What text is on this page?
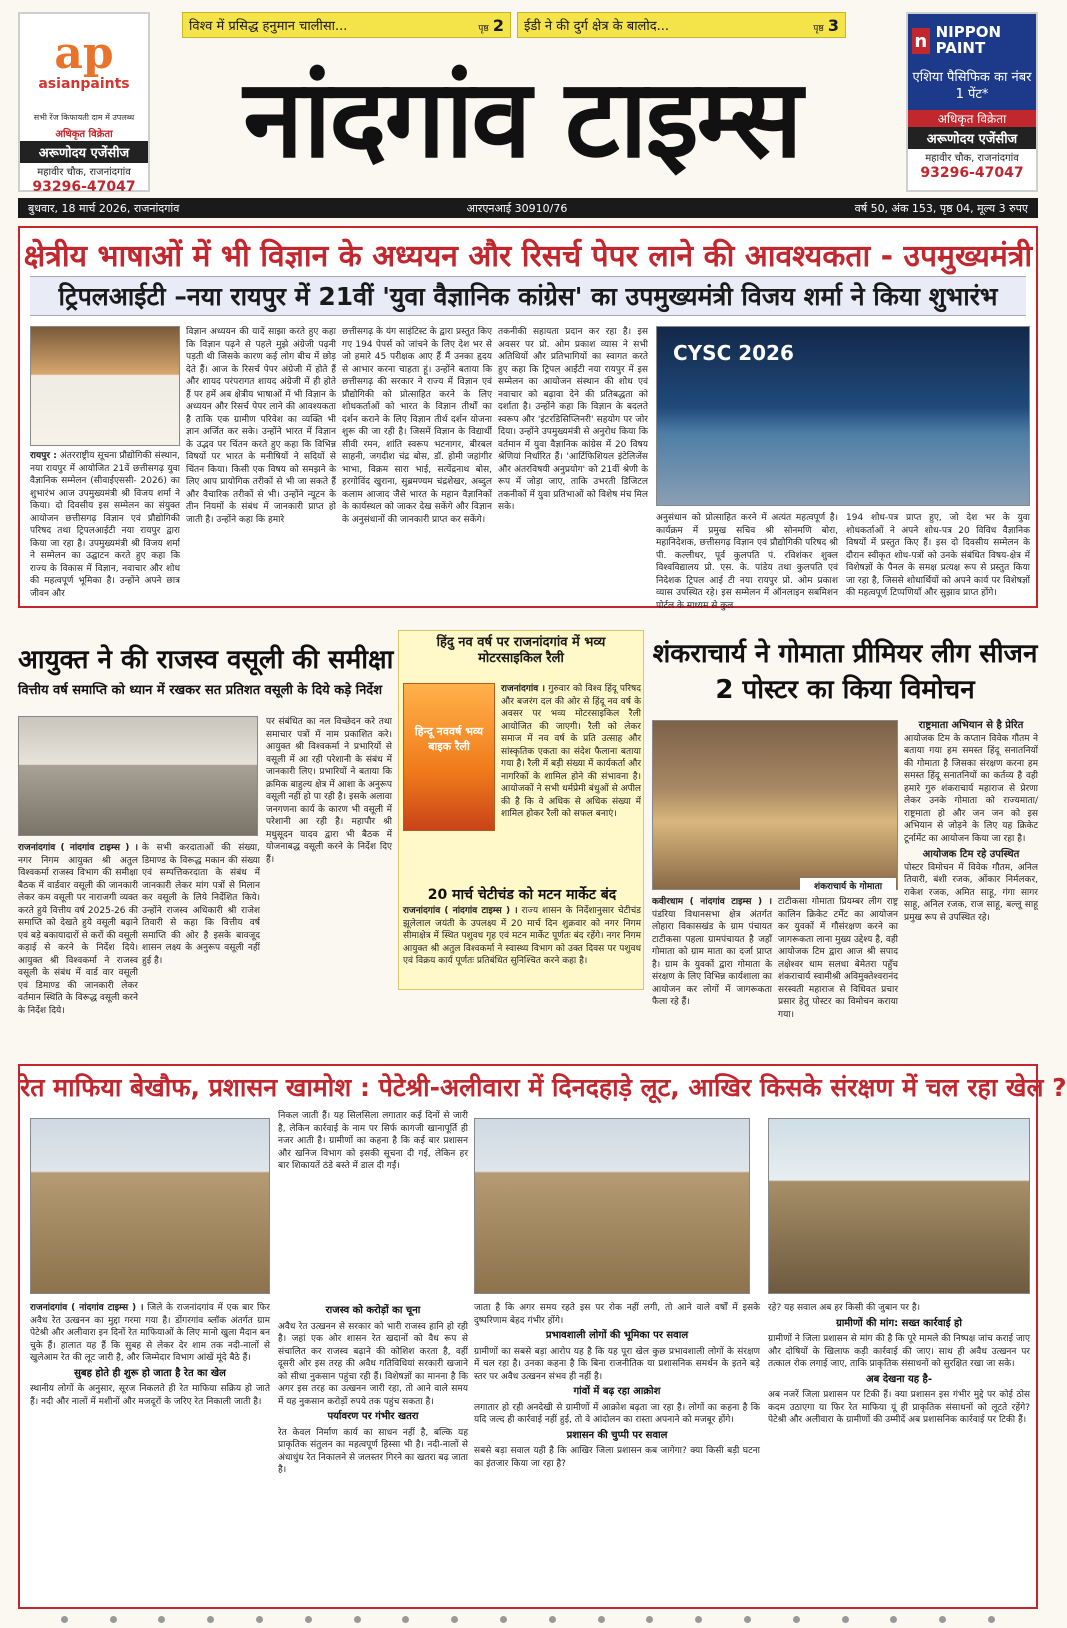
ap
asianpaints
सभी रेंज किफायती दाम में उपलब्ध
अधिकृत विक्रेता
अरूणोदय एजेंसीज
महावीर चौक, राजनांदगांव
93296-47047
विश्व में प्रसिद्ध हनुमान चालीसा...	पृष्ठ 2 ईडी ने की दुर्ग क्षेत्र के बालोद...	पृष्ठ 3
नांदगांव टाइम्स
n NIPPON PAINT
एशिया पैसिफिक का नंबर 1 पेंट*
अधिकृत विक्रेता
अरूणोदय एजेंसीज
महावीर चौक, राजनांदगांव
93296-47047
बुधवार, 18 मार्च 2026, राजनांदगांव	आरएनआई 30910/76	वर्ष 50, अंक 153, पृष्ठ 04, मूल्य 3 रुपए
क्षेत्रीय भाषाओं में भी विज्ञान के अध्ययन और रिसर्च पेपर लाने की आवश्यकता - उपमुख्यमंत्री
ट्रिपलआईटी –नया रायपुर में 21वीं 'युवा वैज्ञानिक कांग्रेस' का उपमुख्यमंत्री विजय शर्मा ने किया शुभारंभ
रायपुर : अंतरराष्ट्रीय सूचना प्रौद्योगिकी संस्थान, नया रायपुर में आयोजित 21वें छत्तीसगढ़ युवा वैज्ञानिक सम्मेलन (सीवाईएससी- 2026) का शुभारंभ आज उपमुख्यमंत्री श्री विजय शर्मा ने किया। दो दिवसीय इस सम्मेलन का संयुक्त आयोजन छत्तीसगढ़ विज्ञान एवं प्रौद्योगिकी परिषद तथा ट्रिपलआईटी नया रायपुर द्वारा किया जा रहा है। उपमुख्यमंत्री श्री विजय शर्मा ने सम्मेलन का उद्घाटन करते हुए कहा कि राज्य के विकास में विज्ञान, नवाचार और शोध की महत्वपूर्ण भूमिका है। उन्होंने अपने छात्र जीवन और
विज्ञान अध्ययन की यादें साझा करते हुए कहा कि विज्ञान पढ़ने से पहले मुझे अंग्रेजी पढ़नी पड़ती थी जिसके कारण कई लोग बीच में छोड़ देते हैं। आज के रिसर्च पेपर अंग्रेजी में होते हैं और शायद परंपरागत शायद अंग्रेजी में ही होते हैं पर हमें अब क्षेत्रीय भाषाओं में भी विज्ञान के अध्ययन और रिसर्च पेपर लाने की आवश्यकता है ताकि एक ग्रामीण परिवेश का व्यक्ति भी ज्ञान अर्जित कर सके। उन्होंने भारत में विज्ञान के उद्भव पर चिंतन करते हुए कहा कि विभिन्न विषयों पर भारत के मनीषियों ने सदियों से चिंतन किया। किसी एक विषय को समझने के लिए आप प्रायोगिक तरीकों से भी जा सकते हैं और वैचारिक तरीकों से भी। उन्होंने न्यूटन के तीन नियमों के संबंध में जानकारी प्राप्त हो जाती है। उन्होंने कहा कि हमारे
छत्तीसगढ़ के यंग साइंटिस्ट के द्वारा प्रस्तुत किए गए 194 पेपर्स को जांचने के लिए देश भर से जो हमारे 45 परीक्षक आए हैं मैं उनका हृदय से आभार करना चाहता हूं। उन्होंने बताया कि छत्तीसगढ़ की सरकार ने राज्य में विज्ञान एवं प्रौद्योगिकी को प्रोत्साहित करने के लिए शोधकर्ताओं को भारत के विज्ञान तीर्थों का दर्शन कराने के लिए विज्ञान तीर्थ दर्शन योजना शुरू की जा रही है। जिसमें विज्ञान के विद्यार्थी सीवी रमन, शांति स्वरूप भटनागर, बीरबल साहनी, जगदीश चंद्र बोस, डॉ. होमी जहांगीर भाभा, विक्रम सारा भाई, सत्येंद्रनाथ बोस, हरगोविंद खुराना, सुब्रमण्यम चंद्रशेखर, अब्दुल कलाम आजाद जैसे भारत के महान वैज्ञानिकों के कार्यस्थल को जाकर देख सकेंगे और विज्ञान के अनुसंधानों की जानकारी प्राप्त कर सकेंगे।
तकनीकी सहायता प्रदान कर रहा है। इस अवसर पर प्रो. ओम प्रकाश व्यास ने सभी अतिथियों और प्रतिभागियों का स्वागत करते हुए कहा कि ट्रिपल आईटी नया रायपुर में इस सम्मेलन का आयोजन संस्थान की शोध एवं नवाचार को बढ़ावा देने की प्रतिबद्धता को दर्शाता है। उन्होंने कहा कि विज्ञान के बदलते स्वरूप और 'इंटरडिसिप्लिनरी' सहयोग पर जोर दिया। उन्होंने उपमुख्यमंत्री से अनुरोध किया कि वर्तमान में युवा वैज्ञानिक कांग्रेस में 20 विषय श्रेणियां निर्धारित हैं। 'आर्टिफिशियल इंटेलिजेंस और अंतरविषयी अनुप्रयोग' को 21वीं श्रेणी के रूप में जोड़ा जाए, ताकि उभरती डिजिटल तकनीकों में युवा प्रतिभाओं को विशेष मंच मिल सके।
CYSC 2026
अनुसंधान को प्रोत्साहित करने में अत्यंत महत्वपूर्ण है। कार्यक्रम में प्रमुख सचिव श्री सोनमणि बोरा, महानिदेशक, छत्तीसगढ़ विज्ञान एवं प्रौद्योगिकी परिषद श्री पी. कल्लीधर, पूर्व कुलपति पं. रविशंकर शुक्ल विश्वविद्यालय प्रो. एस. के. पांडेय तथा कुलपति एवं निदेशक ट्रिपल आई टी नया रायपुर प्रो. ओम प्रकाश व्यास उपस्थित रहे। इस सम्मेलन में ऑनलाइन सबमिशन पोर्टल के माध्यम से कुल
194 शोध-पत्र प्राप्त हुए, जो देश भर के युवा शोधकर्ताओं ने अपने शोध-पत्र 20 विविध वैज्ञानिक विषयों में प्रस्तुत किए हैं। इस दो दिवसीय सम्मेलन के दौरान स्वीकृत शोध-पत्रों को उनके संबंधित विषय-क्षेत्र में विशेषज्ञों के पैनल के समक्ष प्रत्यक्ष रूप से प्रस्तुत किया जा रहा है, जिससे शोधार्थियों को अपने कार्य पर विशेषज्ञों की महत्वपूर्ण टिप्पणियाँ और सुझाव प्राप्त होंगे।
आयुक्त ने की राजस्व वसूली की समीक्षा
वित्तीय वर्ष समाप्ति को ध्यान में रखकर सत प्रतिशत वसूली के दिये कड़े निर्देश
राजनांदगांव ( नांदगांव टाइम्स ) । नगर निगम आयुक्त श्री अतुल विश्वकर्मा राजस्व विभाग की समीक्षा बैठक में वार्डवार वसूली की जानकारी लेकर कम वसूली पर नाराजगी व्यक्त करते हुये वित्तीय वर्ष 2025-26 की समाप्ति को देखते हुये वसूली बढ़ाने एवं बड़े बकायादारों से करों की वसूली कड़ाई से करने के निर्देश दिये। आयुक्त श्री विश्वकर्मा ने राजस्व वसूली के संबंध में वार्ड वार वसूली एवं डिमाण्ड की जानकारी लेकर वर्तमान स्थिति के विरूद्ध वसूली करने के निर्देश दिये।
के सभी करदाताओं की संख्या, डिमाण्ड के विरूद्ध मकान की संख्या एवं सम्पत्तिकरदाता के संबंध में जानकारी लेकर मांग पत्रों से मिलान कर वसूली के लिये निर्देशित किये। उन्होंने राजस्व अधिकारी श्री राजेश तिवारी से कहा कि वित्तीय वर्ष समाप्ति की ओर है इसके बावजूद शासन लक्ष्य के अनुरूप वसूली नहीं हुई है।
पर संबंधित का नल विच्छेदन करे तथा समाचार पत्रों में नाम प्रकाशित करे। आयुक्त श्री विश्वकर्मा ने प्रभारियों से वसूली में आ रही परेशानी के संबंध में जानकारी लिए। प्रभारियों ने बताया कि क्रमिक बाहुल्य क्षेत्र में आशा के अनुरूप वसूली नहीं हो पा रही है। इसके अलावा जनगणना कार्य के कारण भी वसूली में परेशानी आ रही है। महापौर श्री मधुसूदन यादव द्वारा भी बैठक में योजनाबद्ध वसूली करने के निर्देश दिए हैं।
हिंदु नव वर्ष पर राजनांदगांव में भव्य मोटरसाइकिल रैली
हिन्दू नववर्ष भव्य बाइक रैली
राजनांदगांव । गुरुवार को विश्व हिंदू परिषद और बजरंग दल की ओर से हिंदू नव वर्ष के अवसर पर भव्य मोटरसाइकिल रैली आयोजित की जाएगी। रैली को लेकर समाज में नव वर्ष के प्रति उत्साह और सांस्कृतिक एकता का संदेश फैलाना बताया गया है। रैली में बड़ी संख्या में कार्यकर्ता और नागरिकों के शामिल होने की संभावना है। आयोजकों ने सभी धर्मप्रेमी बंधुओं से अपील की है कि वे अधिक से अधिक संख्या में शामिल होकर रैली को सफल बनाएं।
20 मार्च चेटीचंड को मटन मार्केट बंद
राजनांदगांव ( नांदगांव टाइम्स ) । राज्य शासन के निर्देशानुसार चेटीचंड झूलेलाल जयंती के उपलक्ष्य में 20 मार्च दिन शुक्रवार को नगर निगम सीमाक्षेत्र में स्थित पशुवध गृह एवं मटन मार्केट पूर्णतः बंद रहेंगे। नगर निगम आयुक्त श्री अतुल विश्वकर्मा ने स्वास्थ्य विभाग को उक्त दिवस पर पशुवध एवं विक्रय कार्य पूर्णतः प्रतिबंधित सुनिश्चित करने कहा है।
शंकराचार्य ने गोमाता प्रीमियर लीग सीजन 2 पोस्टर का किया विमोचन
शंकराचार्य के गोमाता
कवीरधाम ( नांदगांव टाइम्स ) । पंडरिया विधानसभा क्षेत्र अंतर्गत लोहारा विकासखंड के ग्राम पंचायत टाटीकसा पहला ग्रामपंचायत है जहाँ गोमाता को ग्राम माता का दर्जा प्राप्त है। ग्राम के युवकों द्वारा गोमाता के संरक्षण के लिए विभिन्न कार्यशाला का आयोजन कर लोगों में जागरूकता फैला रहे हैं।
टाटीकसा गोमाता प्रियम्बर लीग राष्ट्र कालिन क्रिकेट टर्मेट का आयोजन कर युवकों में गौसंरक्षण करने का जागरूकता लाना मुख्य उद्देश्य है, वही आयोजक टिम द्वारा आज श्री सपाद लक्षेश्वर धाम सलधा बेमेतरा पहुँच शंकराचार्य स्वामीश्री अविमुक्तेश्वरानंद सरस्वती महाराज से विधिवत प्रचार प्रसार हेतु पोस्टर का विमोचन कराया गया।
राष्ट्रमाता अभियान से है प्रेरित
आयोजक टिम के कप्तान विवेक गौतम ने बताया गया हम समस्त हिंदू सनातनियों की गोमाता है जिसका संरक्षण करना हम समस्त हिंदू सनातनियों का कर्तव्य है वही हमारे गुरु शंकराचार्य महाराज से प्रेरणा लेकर उनके गोमाता को राज्यमाता/ राष्ट्रमाता हो और जन जन को इस अभियान से जोड़ने के लिए यह क्रिकेट टूर्नामेंट का आयोजन किया जा रहा है।
आयोजक टिम रहे उपस्थित
पोस्टर विमोचन में विवेक गौतम, अनिल तिवारी, बंशी रजक, ओंकार निर्मलकर, राकेश रजक, अमित साहू, गंगा सागर साहू, अनिल रजक, राज साहू, बल्लू साहू प्रमुख रूप से उपस्थित रहे।
रेत माफिया बेखौफ, प्रशासन खामोश : पेटेश्री-अलीवारा में दिनदहाड़े लूट, आखिर किसके संरक्षण में चल रहा खेल ?
राजनांदगांव ( नांदगांव टाइम्स ) । जिले के राजनांदगांव में एक बार फिर अवैध रेत उत्खनन का मुद्दा गरमा गया है। डोंगरगांव ब्लॉक अंतर्गत ग्राम पेटेश्री और अलीवारा इन दिनों रेत माफियाओं के लिए मानो खुला मैदान बन चुके हैं। हालात यह हैं कि सुबह से लेकर देर शाम तक नदी-नालों से खुलेआम रेत की लूट जारी है, और जिम्मेदार विभाग आंखें मूंदे बैठे हैं।
सुबह होते ही शुरू हो जाता है रेत का खेल
स्थानीय लोगों के अनुसार, सूरज निकलते ही रेत माफिया सक्रिय हो जाते हैं। नदी और नालों में मशीनों और मजदूरों के जरिए रेत निकाली जाती है।
निकल जाती हैं। यह सिलसिला लगातार कई दिनों से जारी है, लेकिन कार्रवाई के नाम पर सिर्फ कागजी खानापूर्ति ही नजर आती है। ग्रामीणों का कहना है कि कई बार प्रशासन और खनिज विभाग को इसकी सूचना दी गई, लेकिन हर बार शिकायतें ठंडे बस्ते में डाल दी गईं।
राजस्व को करोड़ों का चूना
अवैध रेत उत्खनन से सरकार को भारी राजस्व हानि हो रही है। जहां एक ओर शासन रेत खदानों को वैध रूप से संचालित कर राजस्व बढ़ाने की कोशिश करता है, वहीं दूसरी ओर इस तरह की अवैध गतिविधियां सरकारी खजाने को सीधा नुकसान पहुंचा रही हैं। विशेषज्ञों का मानना है कि अगर इस तरह का उत्खनन जारी रहा, तो आने वाले समय में यह नुकसान करोड़ों रुपये तक पहुंच सकता है।
पर्यावरण पर गंभीर खतरा
रेत केवल निर्माण कार्य का साधन नहीं है, बल्कि यह प्राकृतिक संतुलन का महत्वपूर्ण हिस्सा भी है। नदी-नालों से अंधाधुंध रेत निकालने से जलस्तर गिरने का खतरा बढ़ जाता है।
जाता है कि अगर समय रहते इस पर रोक नहीं लगी, तो आने वाले वर्षों में इसके दुष्परिणाम बेहद गंभीर होंगे।
प्रभावशाली लोगों की भूमिका पर सवाल
ग्रामीणों का सबसे बड़ा आरोप यह है कि यह पूरा खेल कुछ प्रभावशाली लोगों के संरक्षण में चल रहा है। उनका कहना है कि बिना राजनीतिक या प्रशासनिक समर्थन के इतने बड़े स्तर पर अवैध उत्खनन संभव ही नहीं है।
गांवों में बढ़ रहा आक्रोश
लगातार हो रही अनदेखी से ग्रामीणों में आक्रोश बढ़ता जा रहा है। लोगों का कहना है कि यदि जल्द ही कार्रवाई नहीं हुई, तो वे आंदोलन का रास्ता अपनाने को मजबूर होंगे।
प्रशासन की चुप्पी पर सवाल
सबसे बड़ा सवाल यही है कि आखिर जिला प्रशासन कब जागेगा? क्या किसी बड़ी घटना का इंतजार किया जा रहा है?
रहे? यह सवाल अब हर किसी की जुबान पर है।
ग्रामीणों की मांग: सख्त कार्रवाई हो
ग्रामीणों ने जिला प्रशासन से मांग की है कि पूरे मामले की निष्पक्ष जांच कराई जाए और दोषियों के खिलाफ कड़ी कार्रवाई की जाए। साथ ही अवैध उत्खनन पर तत्काल रोक लगाई जाए, ताकि प्राकृतिक संसाधनों को सुरक्षित रखा जा सके।
अब देखना यह है-
अब नजरें जिला प्रशासन पर टिकी हैं। क्या प्रशासन इस गंभीर मुद्दे पर कोई ठोस कदम उठाएगा या फिर रेत माफिया यूं ही प्राकृतिक संसाधनों को लूटते रहेंगे? पेटेश्री और अलीवारा के ग्रामीणों की उम्मीदें अब प्रशासनिक कार्रवाई पर टिकी हैं।
